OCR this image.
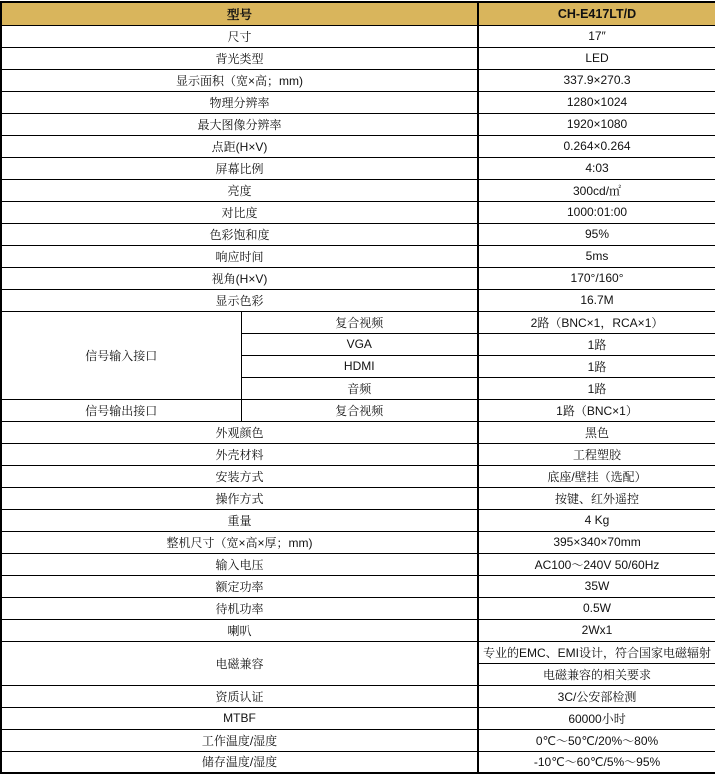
型号		CH-E417LT/D
尺寸		17″
背光类型		LED
显示面积（宽×高；mm)		337.9×270.3
物理分辨率		1280×1024
最大图像分辨率		1920×1080
点距(H×V)		0.264×0.264
屏幕比例		4:03
亮度		300cd/㎡
对比度		1000:01:00
色彩饱和度		95%
响应时间		5ms
视角(H×V)		170°/160°
显示色彩		16.7M
信号输入接口	复合视频	2路（BNC×1，RCA×1）
	VGA	1路
	HDMI	1路
	音频	1路
信号输出接口	复合视频	1路（BNC×1）
外观颜色		黑色
外壳材料		工程塑胶
安装方式		底座/壁挂（选配）
操作方式		按键、红外遥控
重量		4 Kg
整机尺寸（宽×高×厚；mm)		395×340×70mm
输入电压		AC100～240V 50/60Hz
额定功率		35W
待机功率		0.5W
喇叭		2Wx1
电磁兼容		专业的EMC、EMI设计，符合国家电磁辐射
		电磁兼容的相关要求
资质认证		3C/公安部检测
MTBF		60000小时
工作温度/湿度		0℃～50℃/20%～80%
储存温度/湿度		-10℃～60℃/5%～95%
